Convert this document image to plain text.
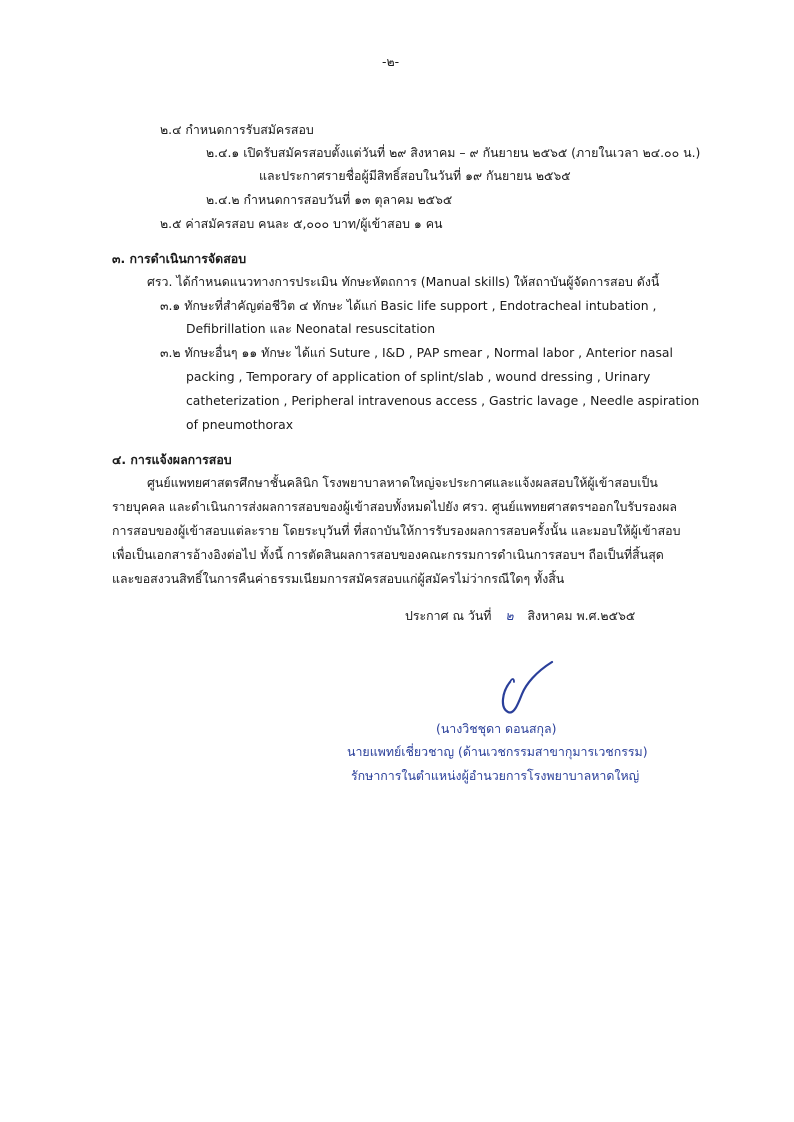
-๒-
๒.๔ กำหนดการรับสมัครสอบ
๒.๔.๑ เปิดรับสมัครสอบตั้งแต่วันที่ ๒๙ สิงหาคม – ๙ กันยายน ๒๕๖๕ (ภายในเวลา ๒๔.๐๐ น.)
และประกาศรายชื่อผู้มีสิทธิ์สอบในวันที่ ๑๙ กันยายน ๒๕๖๕
๒.๔.๒ กำหนดการสอบวันที่ ๑๓ ตุลาคม ๒๕๖๕
๒.๕ ค่าสมัครสอบ คนละ ๕,๐๐๐ บาท/ผู้เข้าสอบ ๑ คน
๓. การดำเนินการจัดสอบ
ศรว. ได้กำหนดแนวทางการประเมิน ทักษะหัตถการ (Manual skills) ให้สถาบันผู้จัดการสอบ ดังนี้
๓.๑ ทักษะที่สำคัญต่อชีวิต ๔ ทักษะ ได้แก่ Basic life support , Endotracheal intubation ,
Defibrillation และ Neonatal resuscitation
๓.๒ ทักษะอื่นๆ ๑๑ ทักษะ ได้แก่ Suture , I&D , PAP smear , Normal labor , Anterior nasal
packing , Temporary of application of splint/slab , wound dressing , Urinary
catheterization , Peripheral intravenous access , Gastric lavage , Needle aspiration
of pneumothorax
๔. การแจ้งผลการสอบ
ศูนย์แพทยศาสตรศึกษาชั้นคลินิก โรงพยาบาลหาดใหญ่จะประกาศและแจ้งผลสอบให้ผู้เข้าสอบเป็น
รายบุคคล และดำเนินการส่งผลการสอบของผู้เข้าสอบทั้งหมดไปยัง ศรว. ศูนย์แพทยศาสตรฯออกใบรับรองผล
การสอบของผู้เข้าสอบแต่ละราย โดยระบุวันที่ ที่สถาบันให้การรับรองผลการสอบครั้งนั้น และมอบให้ผู้เข้าสอบ
เพื่อเป็นเอกสารอ้างอิงต่อไป ทั้งนี้ การตัดสินผลการสอบของคณะกรรมการดำเนินการสอบฯ ถือเป็นที่สิ้นสุด
และขอสงวนสิทธิ์ในการคืนค่าธรรมเนียมการสมัครสอบแก่ผู้สมัครไม่ว่ากรณีใดๆ ทั้งสิ้น
ประกาศ ณ วันที่ ๒ สิงหาคม พ.ศ.๒๕๖๕
(นางวิชชุดา ดอนสกุล)
นายแพทย์เชี่ยวชาญ (ด้านเวชกรรมสาขากุมารเวชกรรม)
รักษาการในตำแหน่งผู้อำนวยการโรงพยาบาลหาดใหญ่
